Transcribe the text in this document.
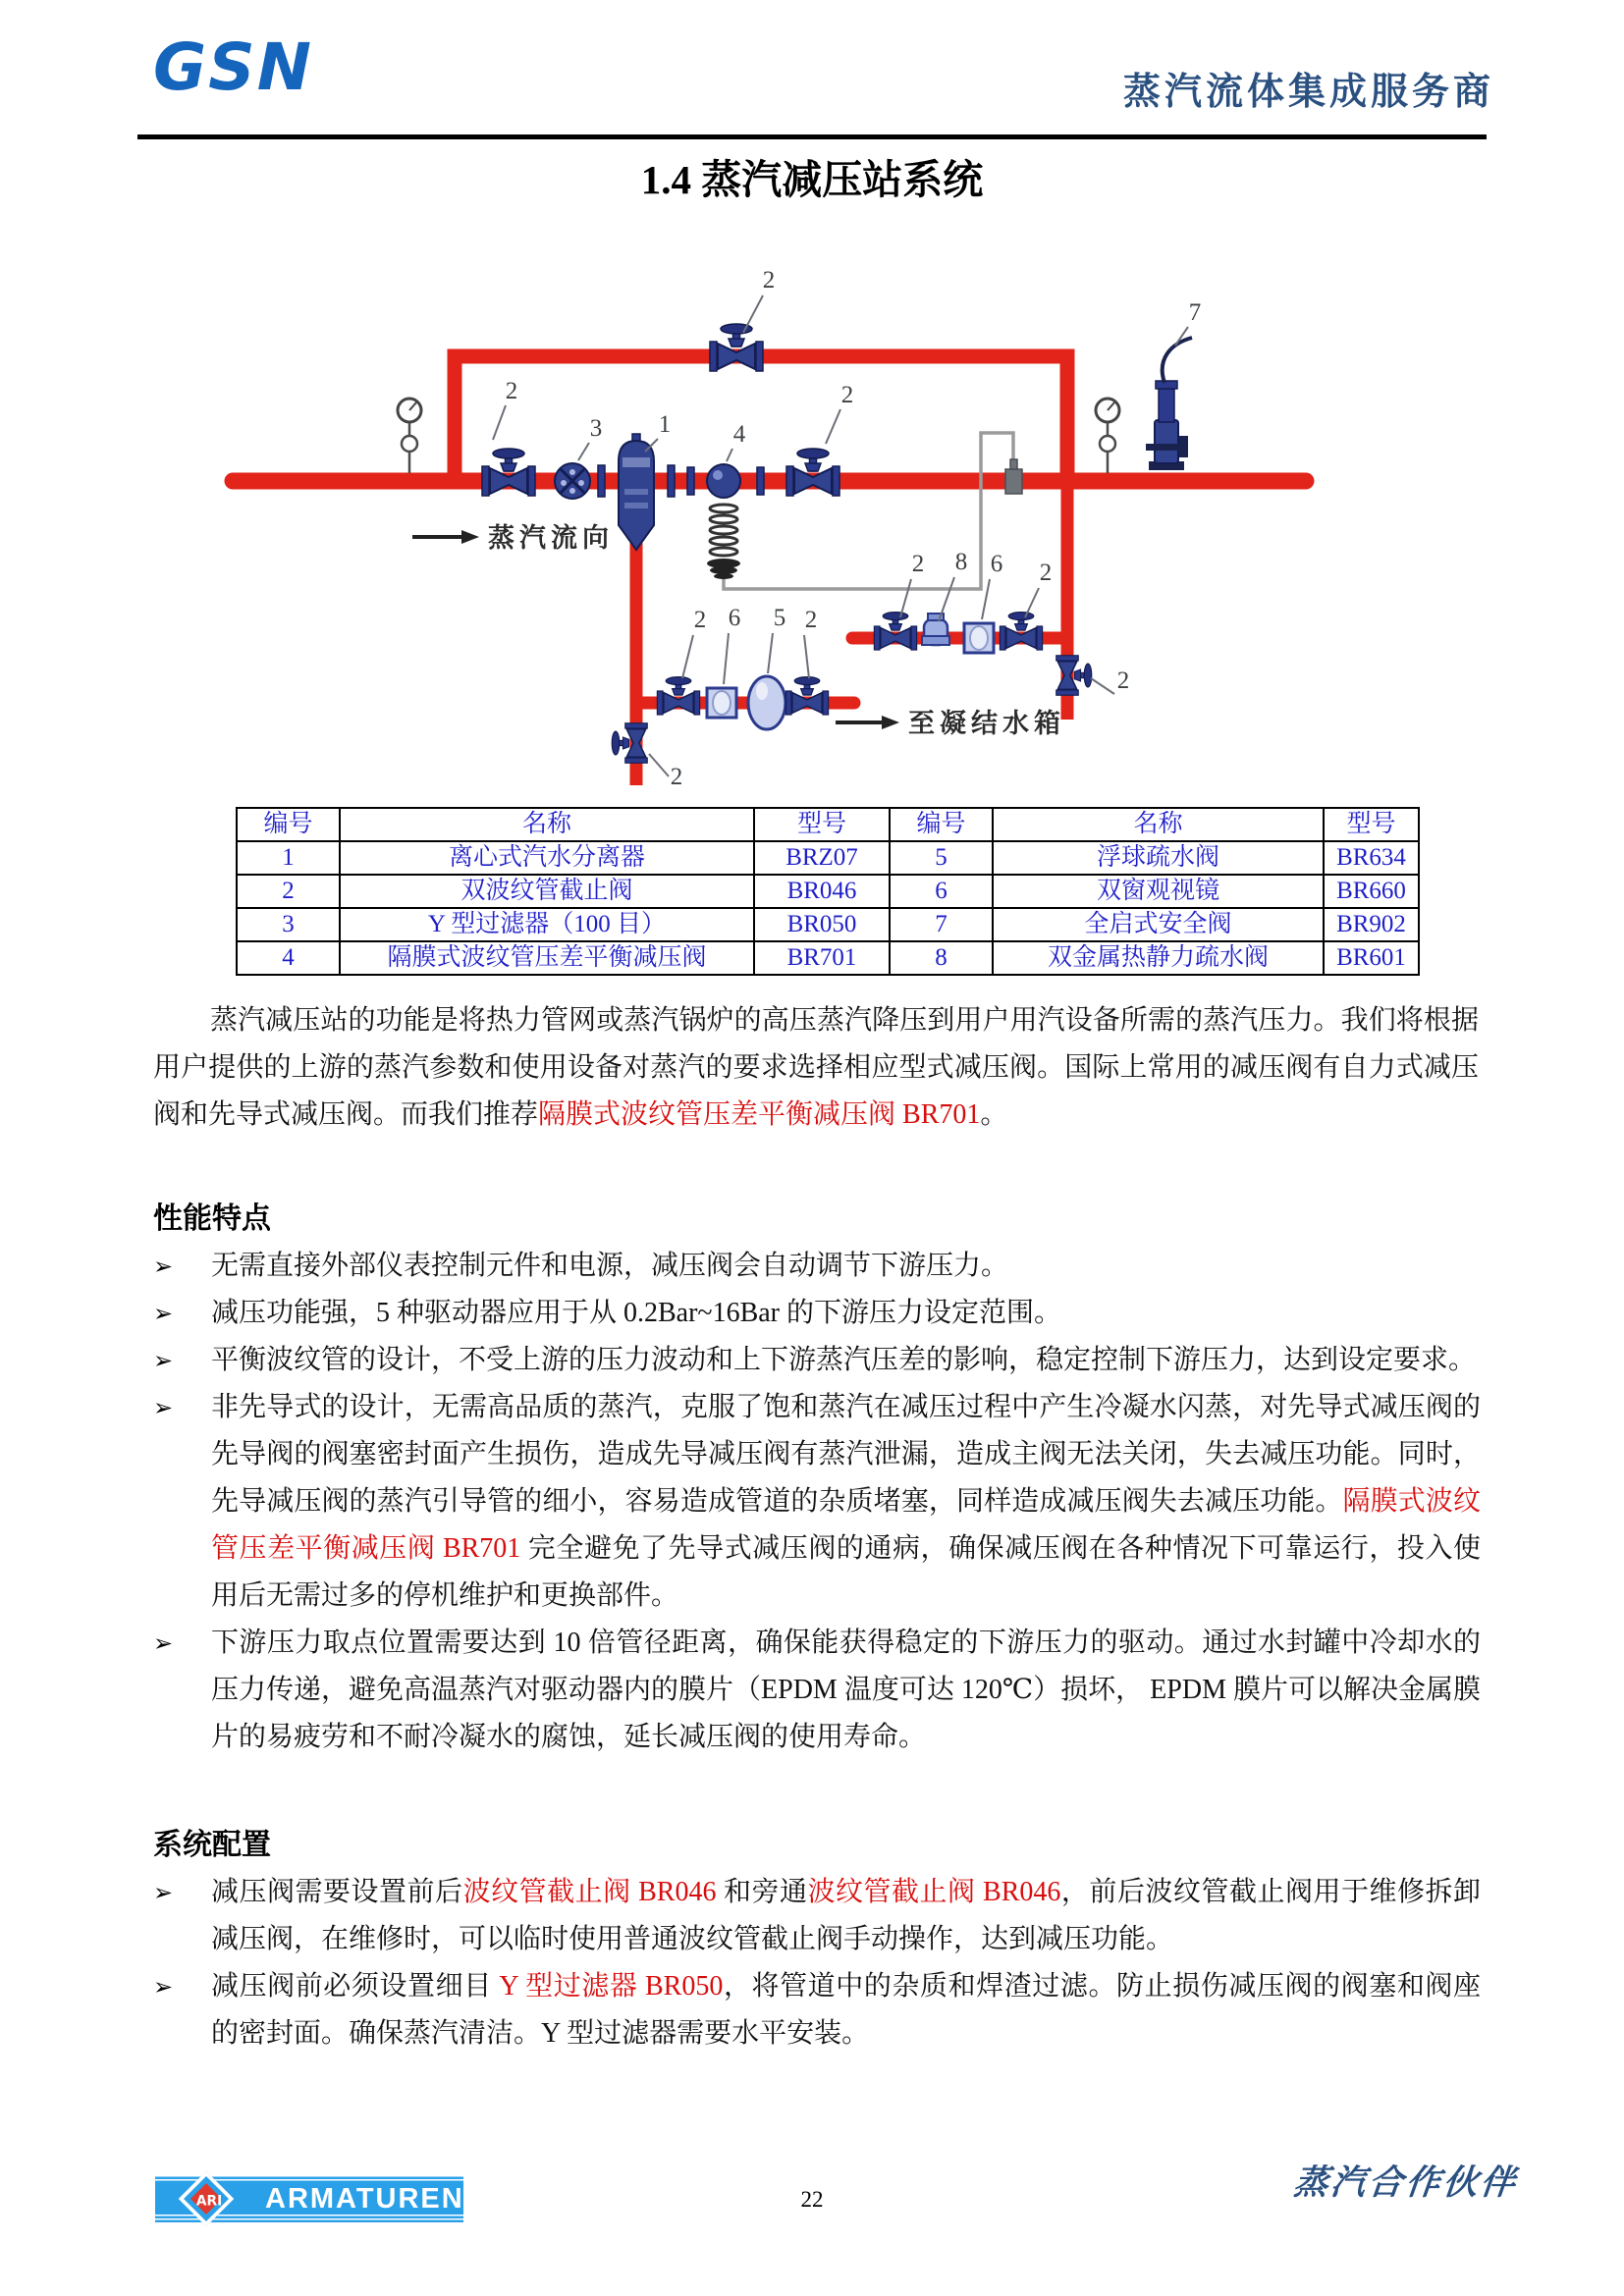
GSN	蒸汽流体集成服务商
1.4 蒸汽减压站系统
蒸汽流向
至凝结水箱
2
3 1	4
2
2
7
2 6 5 2
2
2 8 6 2
2
编号	名称	型号	编号	名称	型号
1	离心式汽水分离器	BRZ07	5	浮球疏水阀	BR634
2	双波纹管截止阀	BR046	6	双窗观视镜	BR660
3	Y 型过滤器（100 目）	BR050	7	全启式安全阀	BR902
4	隔膜式波纹管压差平衡减压阀	BR701	8	双金属热静力疏水阀	BR601
蒸汽减压站的功能是将热力管网或蒸汽锅炉的高压蒸汽降压到用户用汽设备所需的蒸汽压力。我们将根据用户提供的上游的蒸汽参数和使用设备对蒸汽的要求选择相应型式减压阀。国际上常用的减压阀有自力式减压阀和先导式减压阀。而我们推荐隔膜式波纹管压差平衡减压阀 BR701。
性能特点
➢	无需直接外部仪表控制元件和电源，减压阀会自动调节下游压力。
➢	减压功能强，5 种驱动器应用于从 0.2Bar~16Bar 的下游压力设定范围。
➢	平衡波纹管的设计，不受上游的压力波动和上下游蒸汽压差的影响，稳定控制下游压力，达到设定要求。
➢	非先导式的设计，无需高品质的蒸汽，克服了饱和蒸汽在减压过程中产生冷凝水闪蒸，对先导式减压阀的先导阀的阀塞密封面产生损伤，造成先导减压阀有蒸汽泄漏，造成主阀无法关闭，失去减压功能。同时，先导减压阀的蒸汽引导管的细小，容易造成管道的杂质堵塞，同样造成减压阀失去减压功能。隔膜式波纹管压差平衡减压阀 BR701 完全避免了先导式减压阀的通病，确保减压阀在各种情况下可靠运行，投入使用后无需过多的停机维护和更换部件。
➢	下游压力取点位置需要达到 10 倍管径距离，确保能获得稳定的下游压力的驱动。通过水封罐中冷却水的压力传递，避免高温蒸汽对驱动器内的膜片（EPDM 温度可达 120℃）损坏， EPDM 膜片可以解决金属膜片的易疲劳和不耐冷凝水的腐蚀，延长减压阀的使用寿命。
系统配置
➢	减压阀需要设置前后波纹管截止阀 BR046 和旁通波纹管截止阀 BR046，前后波纹管截止阀用于维修拆卸减压阀，在维修时，可以临时使用普通波纹管截止阀手动操作，达到减压功能。
➢	减压阀前必须设置细目 Y 型过滤器 BR050，将管道中的杂质和焊渣过滤。防止损伤减压阀的阀塞和阀座的密封面。确保蒸汽清洁。Y 型过滤器需要水平安装。
ARI	ARMATUREN	22	蒸汽合作伙伴
